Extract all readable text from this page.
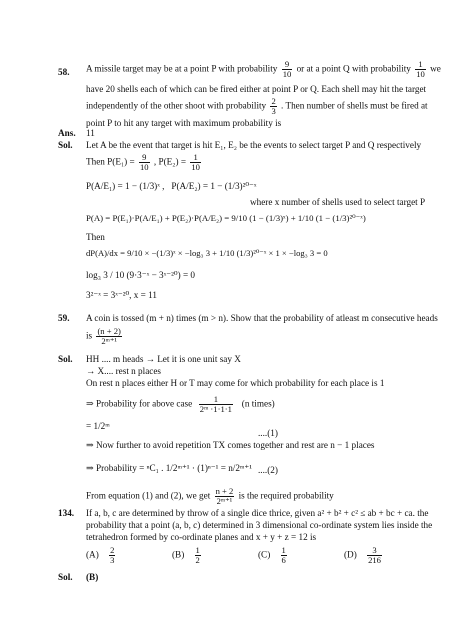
58. A missile target may be at a point P with probability $\frac{9}{10}$ or at a point Q with probability $\frac{1}{10}$ we
have 20 shells each of which can be fired either at point P or Q. Each shell may hit the target
independently of the other shoot with probability $\frac{2}{3}$ . Then number of shells must be fired at
point P to hit any target with maximum probability is
Ans. 11
Sol. Let A be the event that target is hit E₁, E₂ be the events to select target P and Q respectively
Then $P(E_1) = \frac{9}{10}$ , $P(E_2) = \frac{1}{10}$
P(A/E₁) = 1 − (1/3)ˣ , P(A/E₂) = 1 − (1/3)²⁰⁻ˣ
where x number of shells used to select target P
P(A) = P(E₁)·P(A/E₁) + P(E₂)·P(A/E₂) = 9/10 (1 − (1/3)ˣ) + 1/10 (1 − (1/3)²⁰⁻ˣ)
Then
dP(A)/dx = 9/10 × −(1/3)ˣ × −log₃ 3 + 1/10 (1/3)²⁰⁻ˣ × 1 × −log₃ 3 = 0
log₃ 3 / 10 (9·3⁻ˣ − 3ˣ⁻²⁰) = 0
3²⁻ˣ = 3ˣ⁻²⁰, x = 11
59. A coin is tossed (m + n) times (m > n). Show that the probability of atleast m consecutive heads
is $\frac{(n + 2)}{\text{2ᵐ⁺¹}}$
Sol. HH .... m heads → Let it is one unit say X
→ X.... rest n places
On rest n places either H or T may come for which probability for each place is 1
⇒ Probability for above case $\frac{1}{\text{2ᵐ ·1·1·1}} (n$ times)
= 1/2ᵐ
....(1)
⇒ Now further to avoid repetition TX comes together and rest are n − 1 places
⇒ Probability = ⁿC₁ . 1/2ᵐ⁺¹ · (1)ⁿ⁻¹ = n/2ᵐ⁺¹ ....(2)
From equation (1) and (2), we get $\frac{n + 2}{\text{2ᵐ⁺¹}}$ is the required probability
134. If a, b, c are determined by throw of a single dice thrice, given a² + b² + c² ≤ ab + bc + ca. the
probability that a point (a, b, c) determined in 3 dimensional co-ordinate system lies inside the
tetrahedron formed by co-ordinate planes and x + y + z = 12 is
$(A) \frac{2}{3}$	$(B) \frac{1}{2}$	$(C) \frac{1}{6}$	$(D) \frac{3}{216}$
Sol. (B)
